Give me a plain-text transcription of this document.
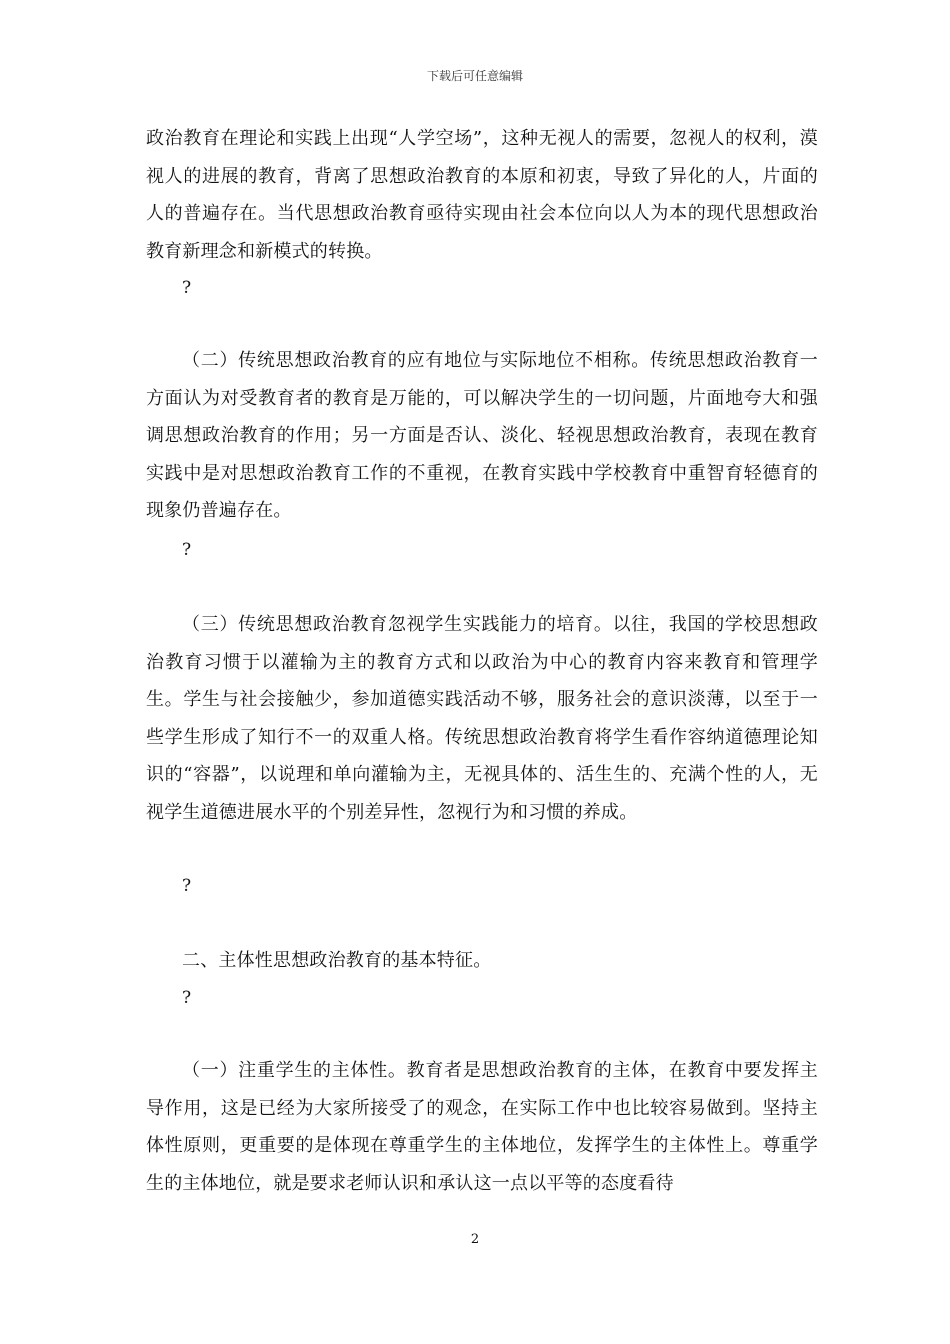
下载后可任意编辑

政治教育在理论和实践上出现“人学空场”，这种无视人的需要，忽视人的权利，漠视人的进展的教育，背离了思想政治教育的本原和初衷，导致了异化的人，片面的人的普遍存在。当代思想政治教育亟待实现由社会本位向以人为本的现代思想政治教育新理念和新模式的转换。

?

（二）传统思想政治教育的应有地位与实际地位不相称。传统思想政治教育一方面认为对受教育者的教育是万能的，可以解决学生的一切问题，片面地夸大和强调思想政治教育的作用；另一方面是否认、淡化、轻视思想政治教育，表现在教育实践中是对思想政治教育工作的不重视，在教育实践中学校教育中重智育轻德育的现象仍普遍存在。

?

（三）传统思想政治教育忽视学生实践能力的培育。以往，我国的学校思想政治教育习惯于以灌输为主的教育方式和以政治为中心的教育内容来教育和管理学生。学生与社会接触少，参加道德实践活动不够，服务社会的意识淡薄，以至于一些学生形成了知行不一的双重人格。传统思想政治教育将学生看作容纳道德理论知识的“容器”，以说理和单向灌输为主，无视具体的、活生生的、充满个性的人，无视学生道德进展水平的个别差异性，忽视行为和习惯的养成。

?

二、主体性思想政治教育的基本特征。

?

（一）注重学生的主体性。教育者是思想政治教育的主体，在教育中要发挥主导作用，这是已经为大家所接受了的观念，在实际工作中也比较容易做到。坚持主体性原则，更重要的是体现在尊重学生的主体地位，发挥学生的主体性上。尊重学生的主体地位，就是要求老师认识和承认这一点以平等的态度看待

2
